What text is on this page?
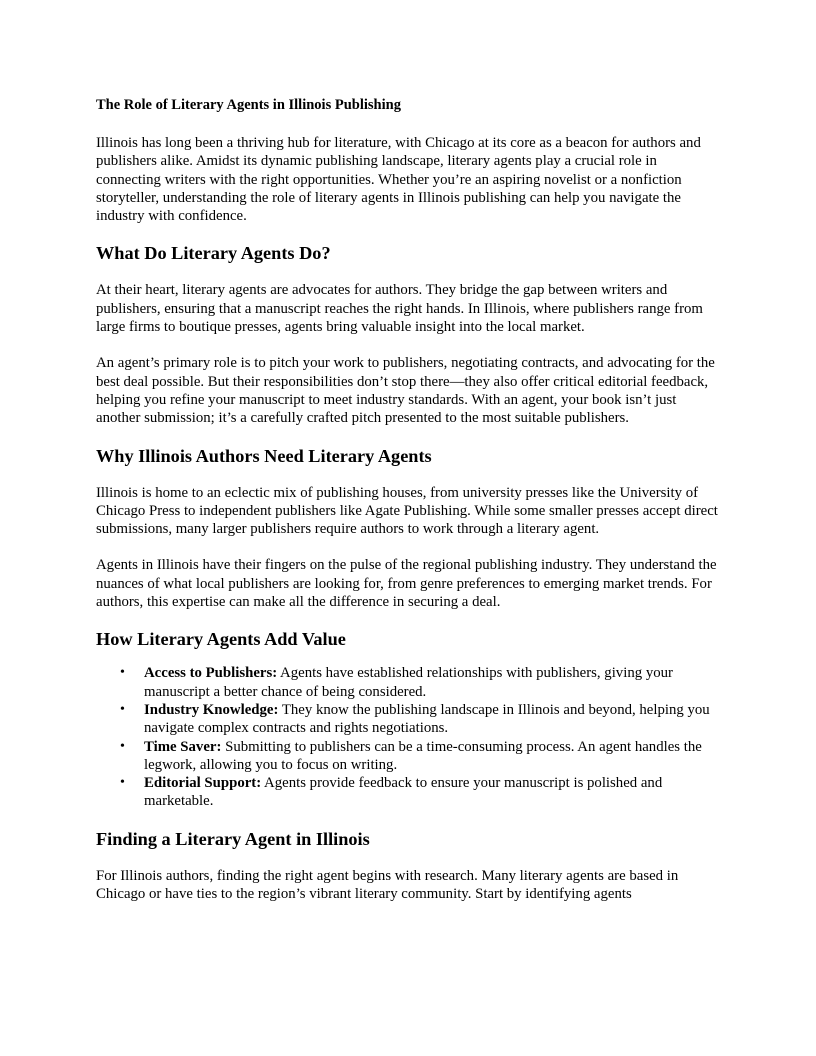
The Role of Literary Agents in Illinois Publishing

Illinois has long been a thriving hub for literature, with Chicago at its core as a beacon for authors and publishers alike. Amidst its dynamic publishing landscape, literary agents play a crucial role in connecting writers with the right opportunities. Whether you’re an aspiring novelist or a nonfiction storyteller, understanding the role of literary agents in Illinois publishing can help you navigate the industry with confidence.

What Do Literary Agents Do?

At their heart, literary agents are advocates for authors. They bridge the gap between writers and publishers, ensuring that a manuscript reaches the right hands. In Illinois, where publishers range from large firms to boutique presses, agents bring valuable insight into the local market.

An agent’s primary role is to pitch your work to publishers, negotiating contracts, and advocating for the best deal possible. But their responsibilities don’t stop there—they also offer critical editorial feedback, helping you refine your manuscript to meet industry standards. With an agent, your book isn’t just another submission; it’s a carefully crafted pitch presented to the most suitable publishers.

Why Illinois Authors Need Literary Agents

Illinois is home to an eclectic mix of publishing houses, from university presses like the University of Chicago Press to independent publishers like Agate Publishing. While some smaller presses accept direct submissions, many larger publishers require authors to work through a literary agent.

Agents in Illinois have their fingers on the pulse of the regional publishing industry. They understand the nuances of what local publishers are looking for, from genre preferences to emerging market trends. For authors, this expertise can make all the difference in securing a deal.

How Literary Agents Add Value
• Access to Publishers: Agents have established relationships with publishers, giving your manuscript a better chance of being considered.
• Industry Knowledge: They know the publishing landscape in Illinois and beyond, helping you navigate complex contracts and rights negotiations.
• Time Saver: Submitting to publishers can be a time-consuming process. An agent handles the legwork, allowing you to focus on writing.
• Editorial Support: Agents provide feedback to ensure your manuscript is polished and marketable.
Finding a Literary Agent in Illinois

For Illinois authors, finding the right agent begins with research. Many literary agents are based in Chicago or have ties to the region’s vibrant literary community. Start by identifying agents
